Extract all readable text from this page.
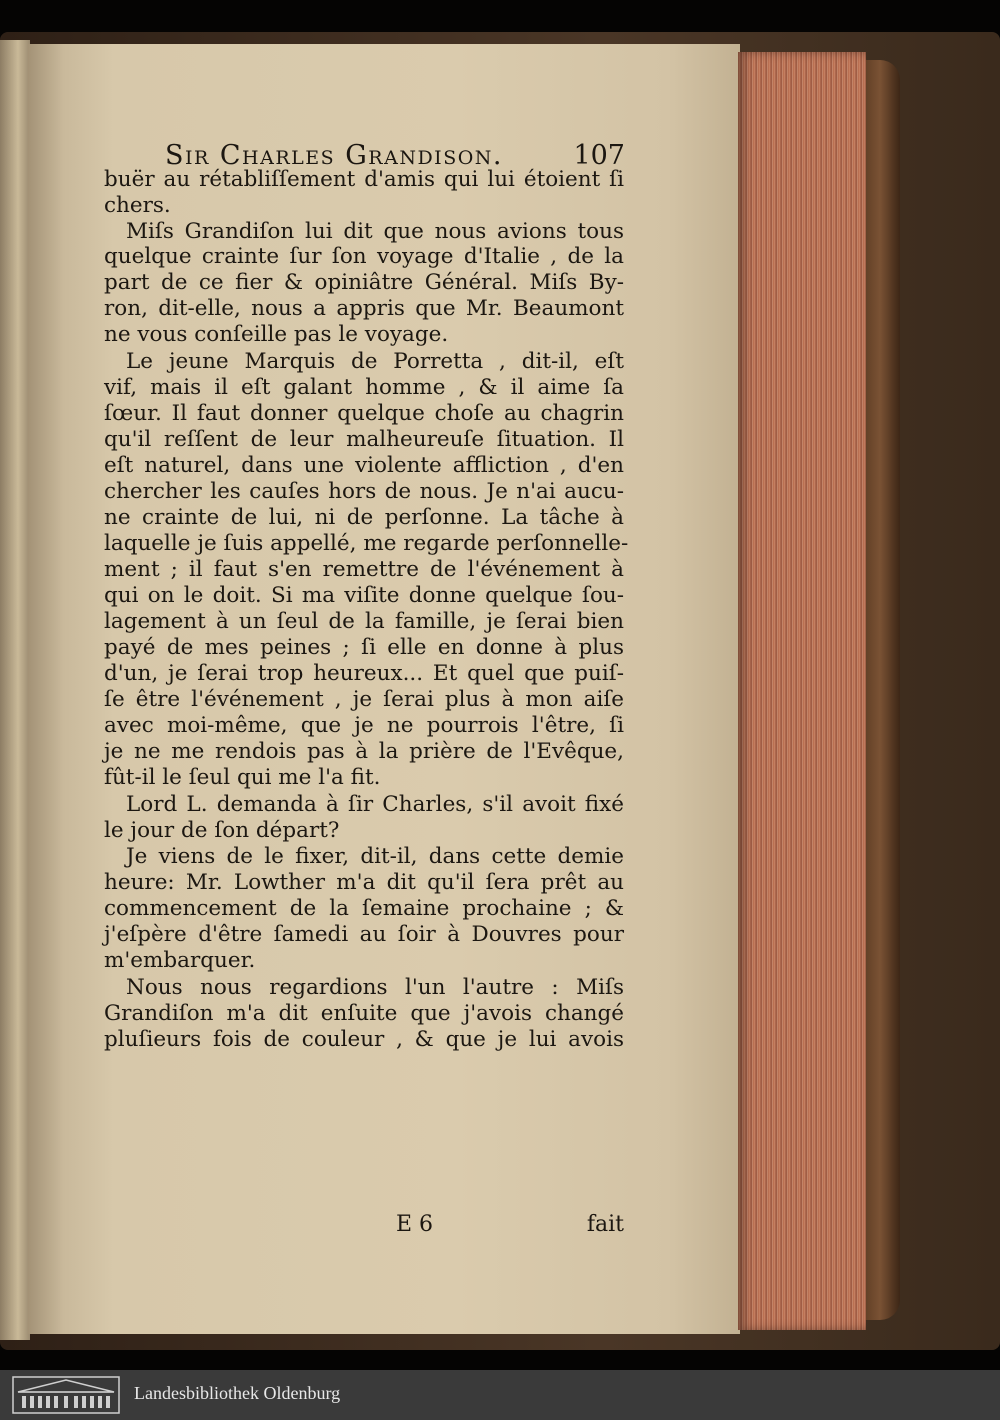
Sir Charles Grandison.	107
E 6	fait
buër au rétabliſſement d'amis qui lui étoient ſi
chers.
Miſs Grandiſon lui dit que nous avions tous
quelque crainte ſur ſon voyage d'Italie , de la
part de ce fier & opiniâtre Général. Miſs By-
ron, dit-elle, nous a appris que Mr. Beaumont
ne vous conſeille pas le voyage.
Le jeune Marquis de Porretta , dit-il, eſt
vif, mais il eſt galant homme , & il aime ſa
ſœur. Il faut donner quelque choſe au chagrin
qu'il reſſent de leur malheureuſe ſituation. Il
eſt naturel, dans une violente affliction , d'en
chercher les cauſes hors de nous. Je n'ai aucu-
ne crainte de lui, ni de perſonne. La tâche à
laquelle je ſuis appellé, me regarde perſonnelle-
ment ; il faut s'en remettre de l'événement à
qui on le doit. Si ma viſite donne quelque ſou-
lagement à un ſeul de la famille, je ſerai bien
payé de mes peines ; ſi elle en donne à plus
d'un, je ſerai trop heureux... Et quel que puiſ-
ſe être l'événement , je ſerai plus à mon aiſe
avec moi-même, que je ne pourrois l'être, ſi
je ne me rendois pas à la prière de l'Evêque,
fût-il le ſeul qui me l'a fit.
Lord L. demanda à ſir Charles, s'il avoit fixé
le jour de ſon départ?
Je viens de le fixer, dit-il, dans cette demie
heure: Mr. Lowther m'a dit qu'il ſera prêt au
commencement de la ſemaine prochaine ; &
j'eſpère d'être ſamedi au ſoir à Douvres pour
m'embarquer.
Nous nous regardions l'un l'autre : Miſs
Grandiſon m'a dit enſuite que j'avois changé
pluſieurs fois de couleur , & que je lui avois
Landesbibliothek Oldenburg
